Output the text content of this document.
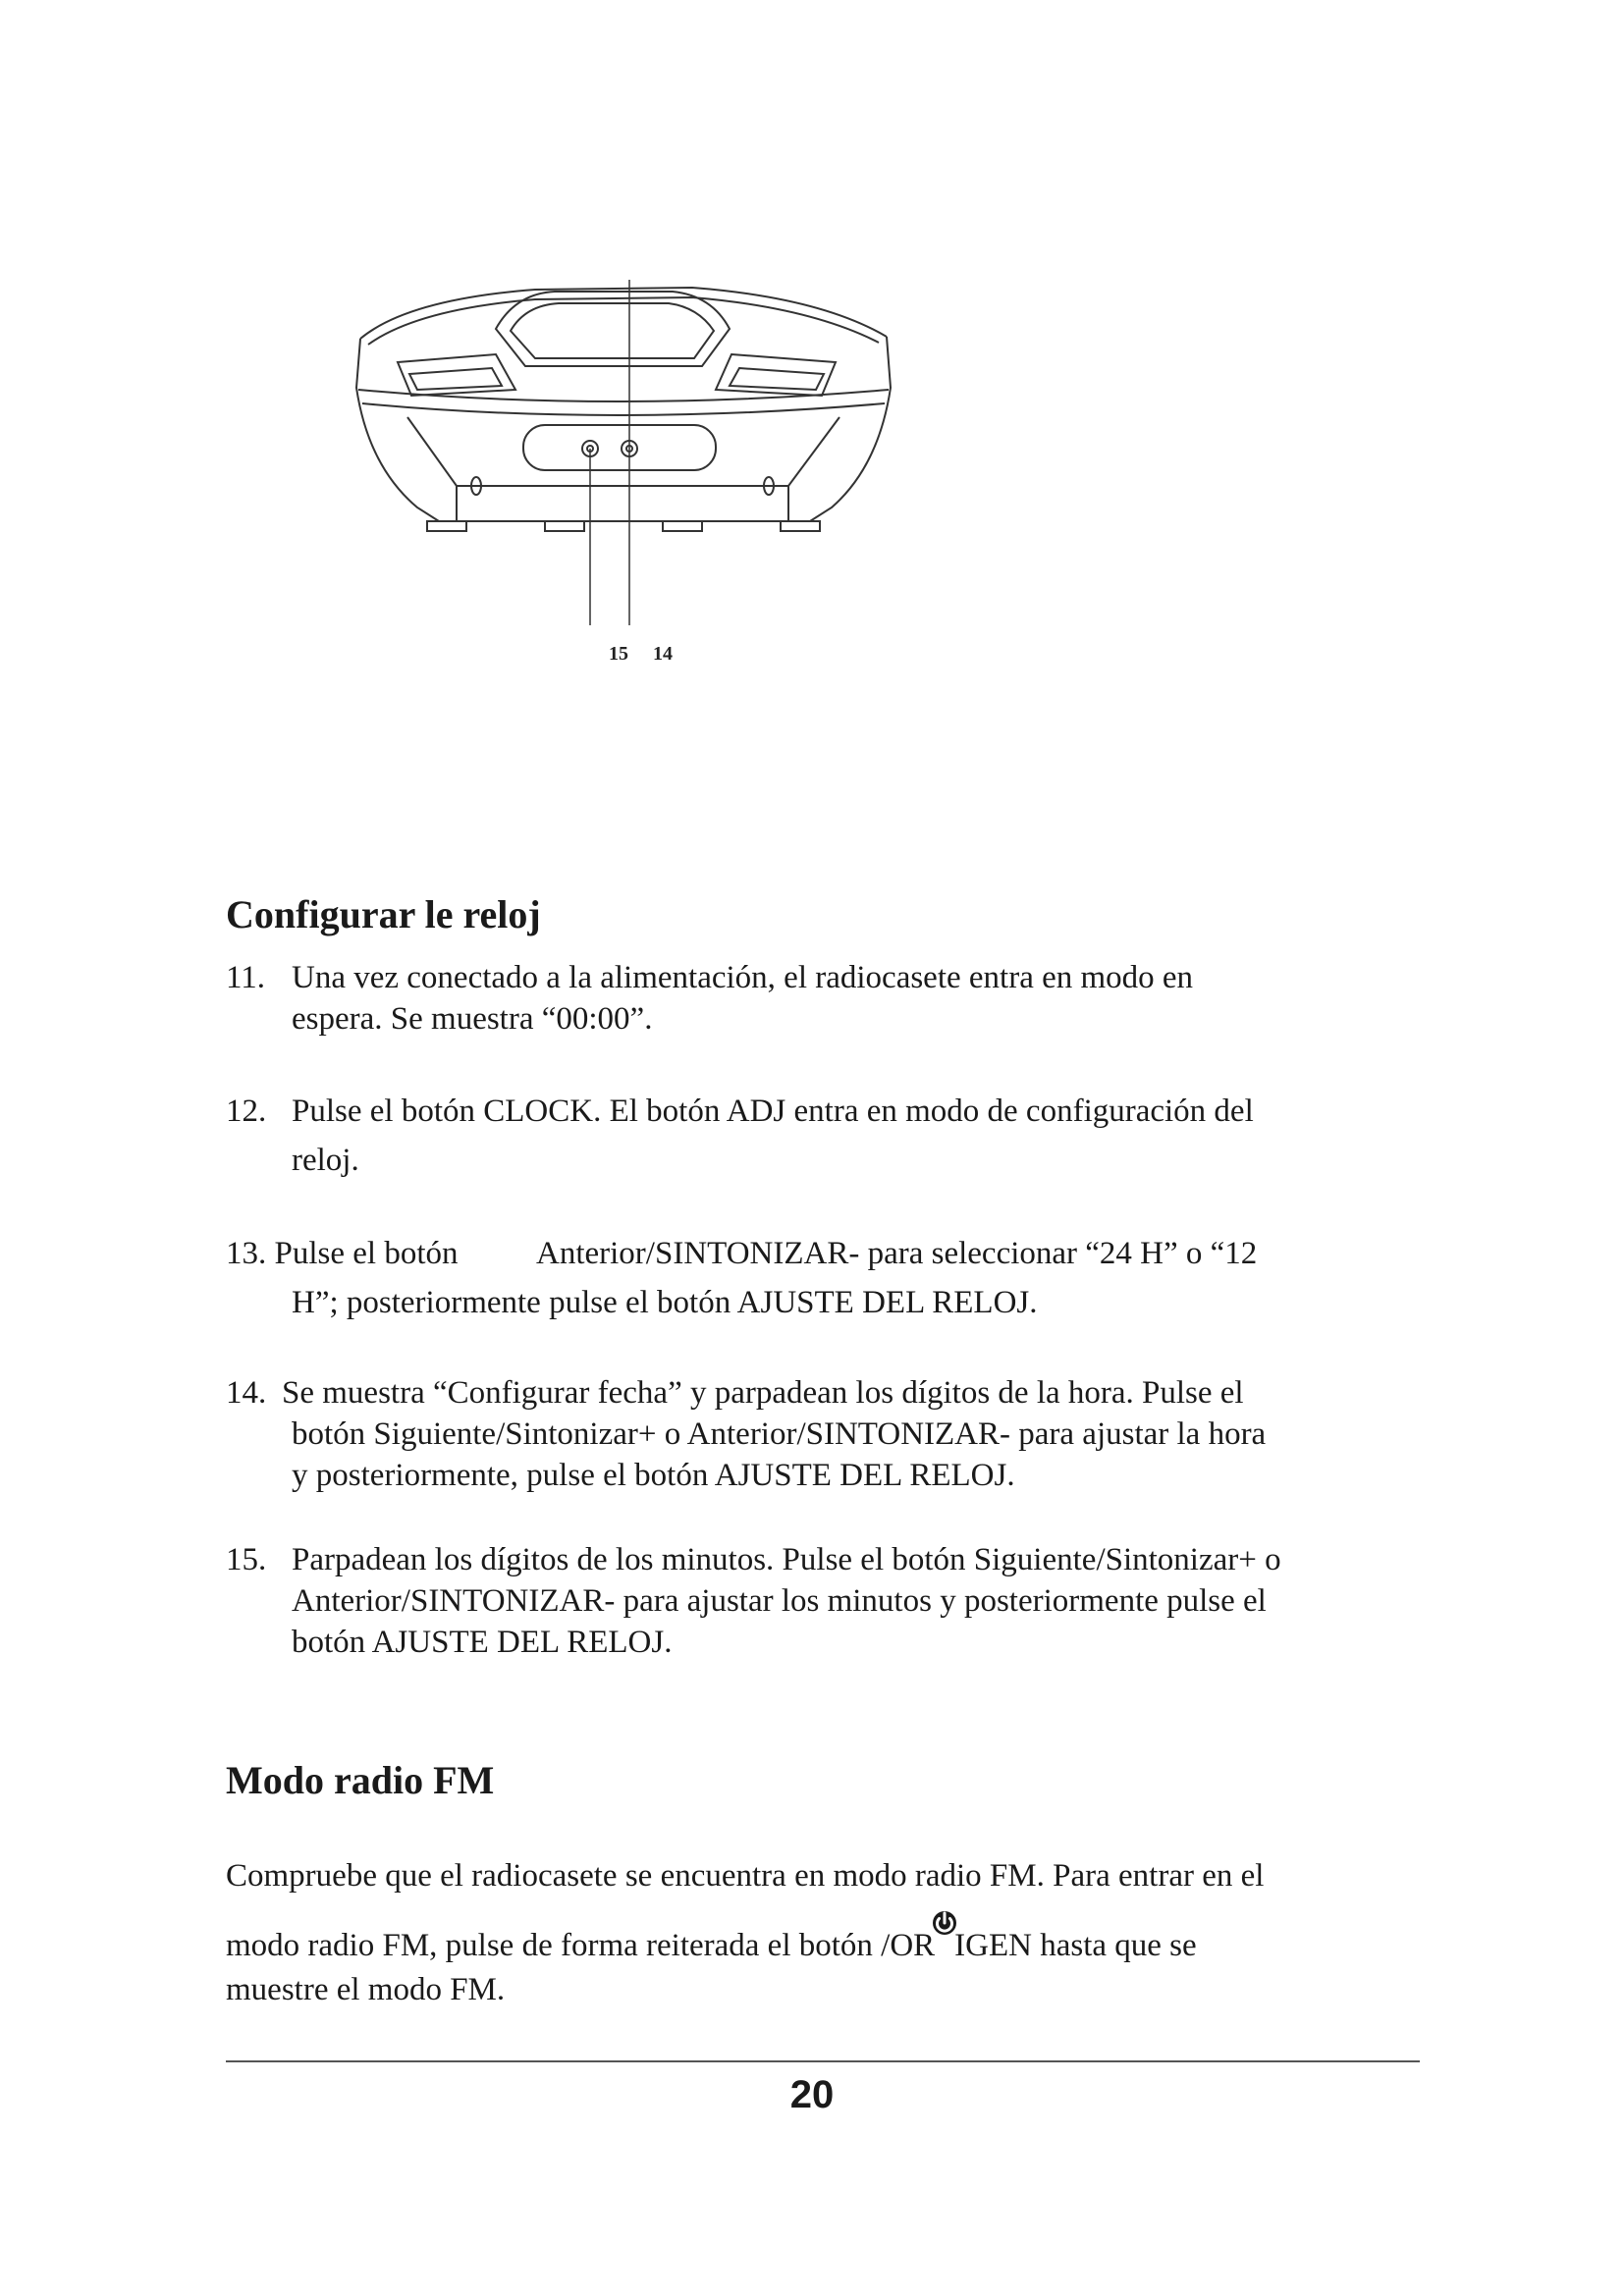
15 14
Configurar le reloj
11. Una vez conectado a la alimentación, el radiocasete entra en modo en
espera. Se muestra “00:00”.
12. Pulse el botón CLOCK. El botón ADJ entra en modo de configuración del
reloj.
13. Pulse el botón	Anterior/SINTONIZAR- para seleccionar “24 H” o “12
H”; posteriormente pulse el botón AJUSTE DEL RELOJ.
14. Se muestra “Configurar fecha” y parpadean los dígitos de la hora. Pulse el
botón Siguiente/Sintonizar+ o Anterior/SINTONIZAR- para ajustar la hora
y posteriormente, pulse el botón AJUSTE DEL RELOJ.
15. Parpadean los dígitos de los minutos. Pulse el botón Siguiente/Sintonizar+ o
Anterior/SINTONIZAR- para ajustar los minutos y posteriormente pulse el
botón AJUSTE DEL RELOJ.
Modo radio FM
Compruebe que el radiocasete se encuentra en modo radio FM. Para entrar en el
modo radio FM, pulse de forma reiterada el botón /OR IGEN hasta que se
muestre el modo FM.
20
